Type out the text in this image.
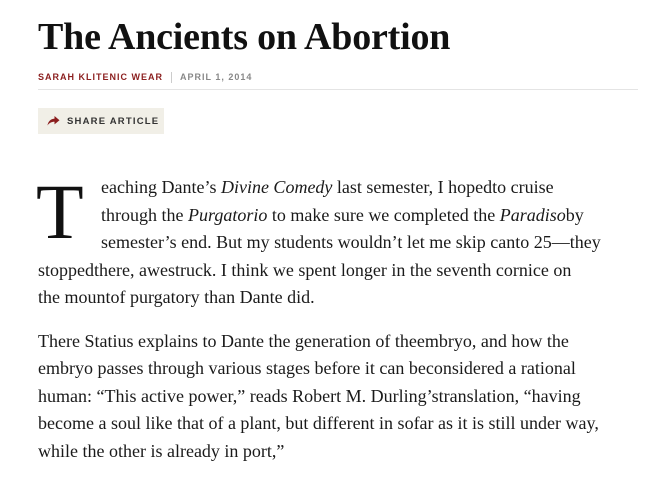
The Ancients on Abortion
SARAH KLITENIC WEAR APRIL 1, 2014
SHARE ARTICLE
T eaching Dante’s Divine Comedy last semester, I hopedto cruise
through the Purgatorio to make sure we completed the Paradisoby
semester’s end. But my students wouldn’t let me skip canto 25—they
stoppedthere, awestruck. I think we spent longer in the seventh cornice on
the mountof purgatory than Dante did.
There Statius explains to Dante the generation of theembryo, and how the
embryo passes through various stages before it can beconsidered a rational
human: “This active power,” reads Robert M. Durling’stranslation, “having
become a soul like that of a plant, but different in sofar as it is still under way,
while the other is already in port,”
